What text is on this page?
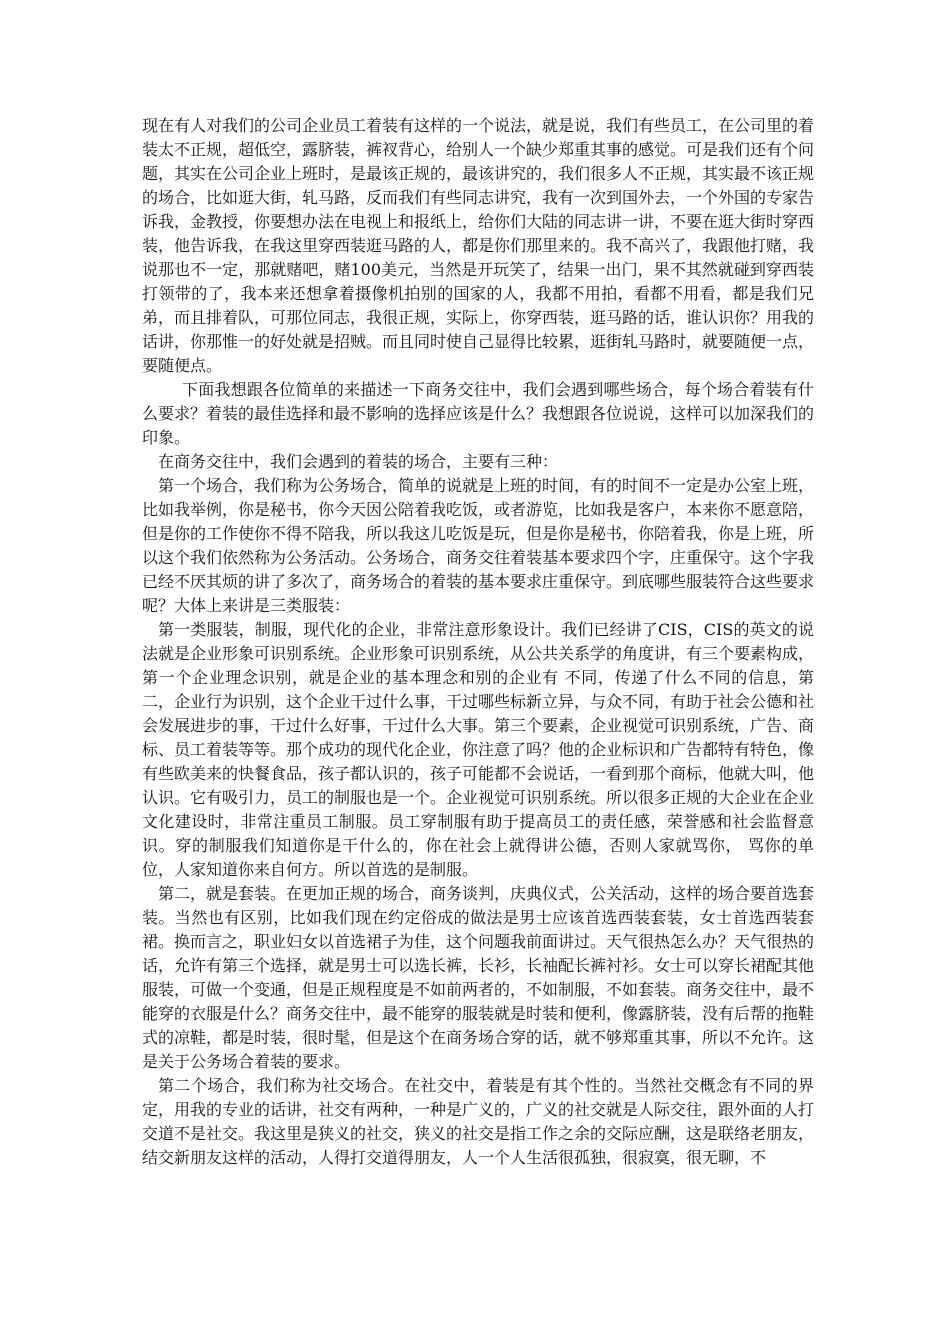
现在有人对我们的公司企业员工着装有这样的一个说法，就是说，我们有些员工，在公司里的着装太不正规，超低空，露脐装，裤衩背心，给别人一个缺少郑重其事的感觉。可是我们还有个问题，其实在公司企业上班时，是最该正规的，最该讲究的，我们很多人不正规，其实最不该正规的场合，比如逛大街，轧马路，反而我们有些同志讲究，我有一次到国外去，一个外国的专家告诉我，金教授，你要想办法在电视上和报纸上，给你们大陆的同志讲一讲，不要在逛大街时穿西装，他告诉我，在我这里穿西装逛马路的人，都是你们那里来的。我不高兴了，我跟他打赌，我说那也不一定，那就赌吧，赌100美元，当然是开玩笑了，结果一出门，果不其然就碰到穿西装打领带的了，我本来还想拿着摄像机拍别的国家的人，我都不用拍，看都不用看，都是我们兄弟，而且排着队，可那位同志，我很正规，实际上，你穿西装，逛马路的话，谁认识你？用我的话讲，你那惟一的好处就是招贼。而且同时使自己显得比较累，逛街轧马路时，就要随便一点，要随便点。

下面我想跟各位简单的来描述一下商务交往中，我们会遇到哪些场合，每个场合着装有什么要求？着装的最佳选择和最不影响的选择应该是什么？我想跟各位说说，这样可以加深我们的印象。

在商务交往中，我们会遇到的着装的场合，主要有三种：

第一个场合，我们称为公务场合，简单的说就是上班的时间，有的时间不一定是办公室上班，比如我举例，你是秘书，你今天因公陪着我吃饭，或者游览，比如我是客户，本来你不愿意陪，但是你的工作使你不得不陪我，所以我这儿吃饭是玩，但是你是秘书，你陪着我，你是上班，所以这个我们依然称为公务活动。公务场合，商务交往着装基本要求四个字，庄重保守。这个字我已经不厌其烦的讲了多次了，商务场合的着装的基本要求庄重保守。到底哪些服装符合这些要求呢？大体上来讲是三类服装：

第一类服装，制服，现代化的企业，非常注意形象设计。我们已经讲了CIS，CIS的英文的说法就是企业形象可识别系统。企业形象可识别系统，从公共关系学的角度讲，有三个要素构成，第一个企业理念识别，就是企业的基本理念和别的企业有 不同，传递了什么不同的信息，第二，企业行为识别，这个企业干过什么事，干过哪些标新立异，与众不同，有助于社会公德和社会发展进步的事，干过什么好事，干过什么大事。第三个要素，企业视觉可识别系统，广告、商标、员工着装等等。那个成功的现代化企业，你注意了吗？他的企业标识和广告都特有特色，像有些欧美来的快餐食品，孩子都认识的，孩子可能都不会说话，一看到那个商标，他就大叫，他认识。它有吸引力，员工的制服也是一个。企业视觉可识别系统。所以很多正规的大企业在企业文化建设时，非常注重员工制服。员工穿制服有助于提高员工的责任感，荣誉感和社会监督意识。穿的制服我们知道你是干什么的，你在社会上就得讲公德，否则人家就骂你， 骂你的单位，人家知道你来自何方。所以首选的是制服。

第二，就是套装。在更加正规的场合，商务谈判，庆典仪式，公关活动，这样的场合要首选套装。当然也有区别，比如我们现在约定俗成的做法是男士应该首选西装套装，女士首选西装套裙。换而言之，职业妇女以首选裙子为佳，这个问题我前面讲过。天气很热怎么办？天气很热的话，允许有第三个选择，就是男士可以选长裤，长衫，长袖配长裤衬衫。女士可以穿长裙配其他服装，可做一个变通，但是正规程度是不如前两者的，不如制服，不如套装。商务交往中，最不能穿的衣服是什么？商务交往中，最不能穿的服装就是时装和便利，像露脐装，没有后帮的拖鞋式的凉鞋，都是时装，很时髦，但是这个在商务场合穿的话，就不够郑重其事，所以不允许。这是关于公务场合着装的要求。

第二个场合，我们称为社交场合。在社交中，着装是有其个性的。当然社交概念有不同的界定，用我的专业的话讲，社交有两种，一种是广义的，广义的社交就是人际交往，跟外面的人打交道不是社交。我这里是狭义的社交，狭义的社交是指工作之余的交际应酬，这是联络老朋友，结交新朋友这样的活动，人得打交道得朋友，人一个人生活很孤独，很寂寞，很无聊，不
